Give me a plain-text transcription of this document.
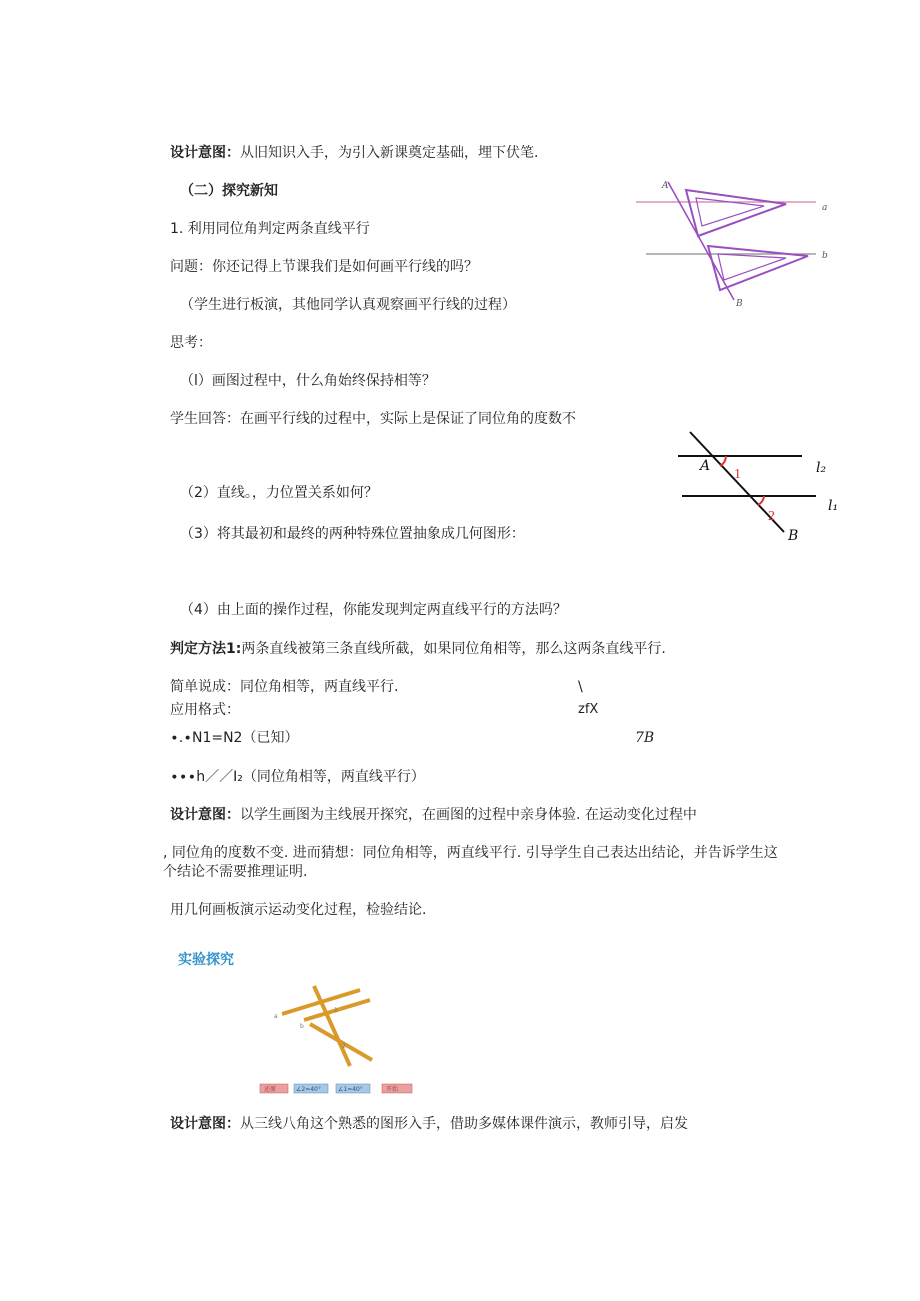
设计意图：从旧知识入手，为引入新课奠定基础，埋下伏笔.
（二）探究新知
1. 利用同位角判定两条直线平行
问题：你还记得上节课我们是如何画平行线的吗？
（学生进行板演，其他同学认真观察画平行线的过程）
思考：
（l）画图过程中，什么角始终保持相等？
学生回答：在画平行线的过程中，实际上是保证了同位角的度数不
（2）直线。，力位置关系如何？
（3）将其最初和最终的两种特殊位置抽象成几何图形：
（4）由上面的操作过程，你能发现判定两直线平行的方法吗？
判定方法1:两条直线被第三条直线所截，如果同位角相等，那么这两条直线平行.
简单说成：同位角相等，两直线平行.
应用格式：
∙.∙N1=N2（已知）
∙∙∙h／／I₂（同位角相等，两直线平行）
设计意图：以学生画图为主线展开探究，在画图的过程中亲身体验. 在运动变化过程中
, 同位角的度数不变. 进而猜想：同位角相等，两直线平行. 引导学生自己表达出结论，并告诉学生这
个结论不需要推理证明.
用几何画板演示运动变化过程，检验结论.
实验探究
设计意图：从三线八角这个熟悉的图形入手，借助多媒体课件演示，教师引导，启发
\
zfX
7B
A
B
a
b
A
1
2
B
l₂
l₁
a
b
1
2
还原	∠2=40°	∠1=40°	开始
